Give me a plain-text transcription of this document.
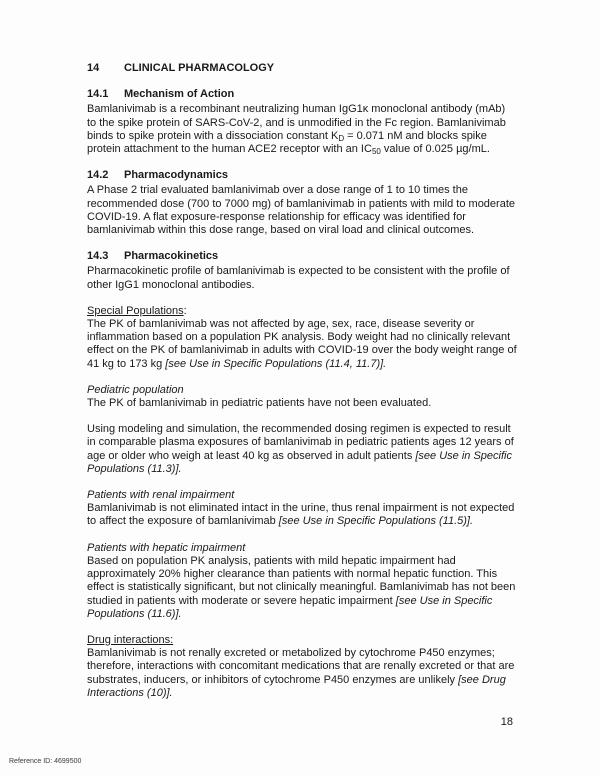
14	CLINICAL PHARMACOLOGY
14.1	Mechanism of Action

Bamlanivimab is a recombinant neutralizing human IgG1κ monoclonal antibody (mAb) to the spike protein of SARS-CoV-2, and is unmodified in the Fc region. Bamlanivimab binds to spike protein with a dissociation constant $K_D = 0.071$ nM and blocks spike protein attachment to the human ACE2 receptor with an $IC_{50}$ value of 0.025 µg/mL.

14.2	Pharmacodynamics

A Phase 2 trial evaluated bamlanivimab over a dose range of 1 to 10 times the recommended dose (700 to 7000 mg) of bamlanivimab in patients with mild to moderate COVID-19. A flat exposure-response relationship for efficacy was identified for bamlanivimab within this dose range, based on viral load and clinical outcomes.

14.3	Pharmacokinetics

Pharmacokinetic profile of bamlanivimab is expected to be consistent with the profile of other IgG1 monoclonal antibodies.

Special Populations:

The PK of bamlanivimab was not affected by age, sex, race, disease severity or inflammation based on a population PK analysis. Body weight had no clinically relevant effect on the PK of bamlanivimab in adults with COVID-19 over the body weight range of 41 kg to 173 kg [see Use in Specific Populations (11.4, 11.7)].

Pediatric population

The PK of bamlanivimab in pediatric patients have not been evaluated.

Using modeling and simulation, the recommended dosing regimen is expected to result in comparable plasma exposures of bamlanivimab in pediatric patients ages 12 years of age or older who weigh at least 40 kg as observed in adult patients [see Use in Specific Populations (11.3)].

Patients with renal impairment

Bamlanivimab is not eliminated intact in the urine, thus renal impairment is not expected to affect the exposure of bamlanivimab [see Use in Specific Populations (11.5)].

Patients with hepatic impairment

Based on population PK analysis, patients with mild hepatic impairment had approximately 20% higher clearance than patients with normal hepatic function. This effect is statistically significant, but not clinically meaningful. Bamlanivimab has not been studied in patients with moderate or severe hepatic impairment [see Use in Specific Populations (11.6)].

Drug interactions:

Bamlanivimab is not renally excreted or metabolized by cytochrome P450 enzymes; therefore, interactions with concomitant medications that are renally excreted or that are substrates, inducers, or inhibitors of cytochrome P450 enzymes are unlikely [see Drug Interactions (10)].

18
Reference ID: 4699500
